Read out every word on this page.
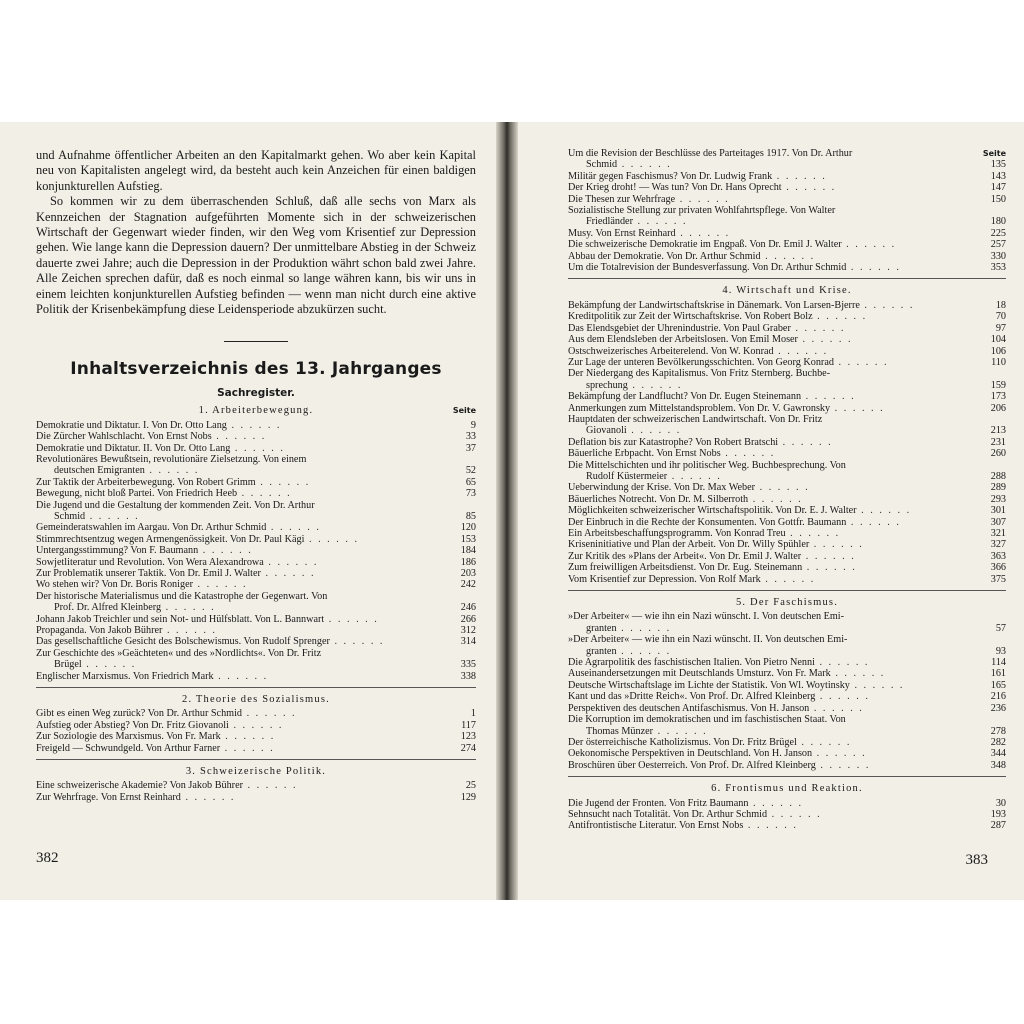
und Aufnahme öffentlicher Arbeiten an den Kapitalmarkt gehen. Wo aber kein Kapital neu von Kapitalisten angelegt wird, da besteht auch kein Anzeichen für einen baldigen konjunkturellen Aufstieg.

So kommen wir zu dem überraschenden Schluß, daß alle sechs von Marx als Kennzeichen der Stagnation aufgeführten Momente sich in der schweizerischen Wirtschaft der Gegenwart wieder finden, wir den Weg vom Krisentief zur Depression gehen. Wie lange kann die Depression dauern? Der unmittelbare Abstieg in der Schweiz dauerte zwei Jahre; auch die Depression in der Produktion währt schon bald zwei Jahre. Alle Zeichen sprechen dafür, daß es noch einmal so lange währen kann, bis wir uns in einem leichten konjunkturellen Aufstieg befinden — wenn man nicht durch eine aktive Politik der Krisenbekämpfung diese Leidensperiode abzukürzen sucht.

Inhaltsverzeichnis des 13. Jahrganges
Sachregister.
1. Arbeiterbewegung.	Seite
Demokratie und Diktatur. I. Von Dr. Otto Lang . . . . . .	9
Die Zürcher Wahlschlacht. Von Ernst Nobs . . . . . .	33
Demokratie und Diktatur. II. Von Dr. Otto Lang . . . . . .	37
Revolutionäres Bewußtsein, revolutionäre Zielsetzung. Von einem
deutschen Emigranten . . . . . .	52
Zur Taktik der Arbeiterbewegung. Von Robert Grimm . . . . . .	65
Bewegung, nicht bloß Partei. Von Friedrich Heeb . . . . . .	73
Die Jugend und die Gestaltung der kommenden Zeit. Von Dr. Arthur
Schmid . . . . . .	85
Gemeinderatswahlen im Aargau. Von Dr. Arthur Schmid . . . . . .	120
Stimmrechtsentzug wegen Armengenössigkeit. Von Dr. Paul Kägi . . . . . .	153
Untergangsstimmung? Von F. Baumann . . . . . .	184
Sowjetliteratur und Revolution. Von Wera Alexandrowa . . . . . .	186
Zur Problematik unserer Taktik. Von Dr. Emil J. Walter . . . . . .	203
Wo stehen wir? Von Dr. Boris Roniger . . . . . .	242
Der historische Materialismus und die Katastrophe der Gegenwart. Von
Prof. Dr. Alfred Kleinberg . . . . . .	246
Johann Jakob Treichler und sein Not- und Hülfsblatt. Von L. Bannwart . . . . . .	266
Propaganda. Von Jakob Bührer . . . . . .	312
Das gesellschaftliche Gesicht des Bolschewismus. Von Rudolf Sprenger . . . . . .	314
Zur Geschichte des »Geächteten« und des »Nordlichts«. Von Dr. Fritz
Brügel . . . . . .	335
Englischer Marxismus. Von Friedrich Mark . . . . . .	338
2. Theorie des Sozialismus.
Gibt es einen Weg zurück? Von Dr. Arthur Schmid . . . . . .	1
Aufstieg oder Abstieg? Von Dr. Fritz Giovanoli . . . . . .	117
Zur Soziologie des Marxismus. Von Fr. Mark . . . . . .	123
Freigeld — Schwundgeld. Von Arthur Farner . . . . . .	274
3. Schweizerische Politik.
Eine schweizerische Akademie? Von Jakob Bührer . . . . . .	25
Zur Wehrfrage. Von Ernst Reinhard . . . . . .	129
382
Seite
Um die Revision der Beschlüsse des Parteitages 1917. Von Dr. Arthur
Schmid . . . . . .	135
Militär gegen Faschismus? Von Dr. Ludwig Frank . . . . . .	143
Der Krieg droht! — Was tun? Von Dr. Hans Oprecht . . . . . .	147
Die Thesen zur Wehrfrage . . . . . .	150
Sozialistische Stellung zur privaten Wohlfahrtspflege. Von Walter
Friedländer . . . . . .	180
Musy. Von Ernst Reinhard . . . . . .	225
Die schweizerische Demokratie im Engpaß. Von Dr. Emil J. Walter . . . . . .	257
Abbau der Demokratie. Von Dr. Arthur Schmid . . . . . .	330
Um die Totalrevision der Bundesverfassung. Von Dr. Arthur Schmid . . . . . .	353
4. Wirtschaft und Krise.
Bekämpfung der Landwirtschaftskrise in Dänemark. Von Larsen-Bjerre . . . . . .	18
Kreditpolitik zur Zeit der Wirtschaftskrise. Von Robert Bolz . . . . . .	70
Das Elendsgebiet der Uhrenindustrie. Von Paul Graber . . . . . .	97
Aus dem Elendsleben der Arbeitslosen. Von Emil Moser . . . . . .	104
Ostschweizerisches Arbeiterelend. Von W. Konrad . . . . . .	106
Zur Lage der unteren Bevölkerungsschichten. Von Georg Konrad . . . . . .	110
Der Niedergang des Kapitalismus. Von Fritz Sternberg. Buchbe-
sprechung . . . . . .	159
Bekämpfung der Landflucht? Von Dr. Eugen Steinemann . . . . . .	173
Anmerkungen zum Mittelstandsproblem. Von Dr. V. Gawronsky . . . . . .	206
Hauptdaten der schweizerischen Landwirtschaft. Von Dr. Fritz
Giovanoli . . . . . .	213
Deflation bis zur Katastrophe? Von Robert Bratschi . . . . . .	231
Bäuerliche Erbpacht. Von Ernst Nobs . . . . . .	260
Die Mittelschichten und ihr politischer Weg. Buchbesprechung. Von
Rudolf Küstermeier . . . . . .	288
Ueberwindung der Krise. Von Dr. Max Weber . . . . . .	289
Bäuerliches Notrecht. Von Dr. M. Silberroth . . . . . .	293
Möglichkeiten schweizerischer Wirtschaftspolitik. Von Dr. E. J. Walter . . . . . .	301
Der Einbruch in die Rechte der Konsumenten. Von Gottfr. Baumann . . . . . .	307
Ein Arbeitsbeschaffungsprogramm. Von Konrad Treu . . . . . .	321
Kriseninitiative und Plan der Arbeit. Von Dr. Willy Spühler . . . . . .	327
Zur Kritik des »Plans der Arbeit«. Von Dr. Emil J. Walter . . . . . .	363
Zum freiwilligen Arbeitsdienst. Von Dr. Eug. Steinemann . . . . . .	366
Vom Krisentief zur Depression. Von Rolf Mark . . . . . .	375
5. Der Faschismus.
»Der Arbeiter« — wie ihn ein Nazi wünscht. I. Von deutschen Emi-
granten . . . . . .	57
»Der Arbeiter« — wie ihn ein Nazi wünscht. II. Von deutschen Emi-
granten . . . . . .	93
Die Agrarpolitik des faschistischen Italien. Von Pietro Nenni . . . . . .	114
Auseinandersetzungen mit Deutschlands Umsturz. Von Fr. Mark . . . . . .	161
Deutsche Wirtschaftslage im Lichte der Statistik. Von Wl. Woytinsky . . . . . .	165
Kant und das »Dritte Reich«. Von Prof. Dr. Alfred Kleinberg . . . . . .	216
Perspektiven des deutschen Antifaschismus. Von H. Janson . . . . . .	236
Die Korruption im demokratischen und im faschistischen Staat. Von
Thomas Münzer . . . . . .	278
Der österreichische Katholizismus. Von Dr. Fritz Brügel . . . . . .	282
Oekonomische Perspektiven in Deutschland. Von H. Janson . . . . . .	344
Broschüren über Oesterreich. Von Prof. Dr. Alfred Kleinberg . . . . . .	348
6. Frontismus und Reaktion.
Die Jugend der Fronten. Von Fritz Baumann . . . . . .	30
Sehnsucht nach Totalität. Von Dr. Arthur Schmid . . . . . .	193
Antifrontistische Literatur. Von Ernst Nobs . . . . . .	287
383
